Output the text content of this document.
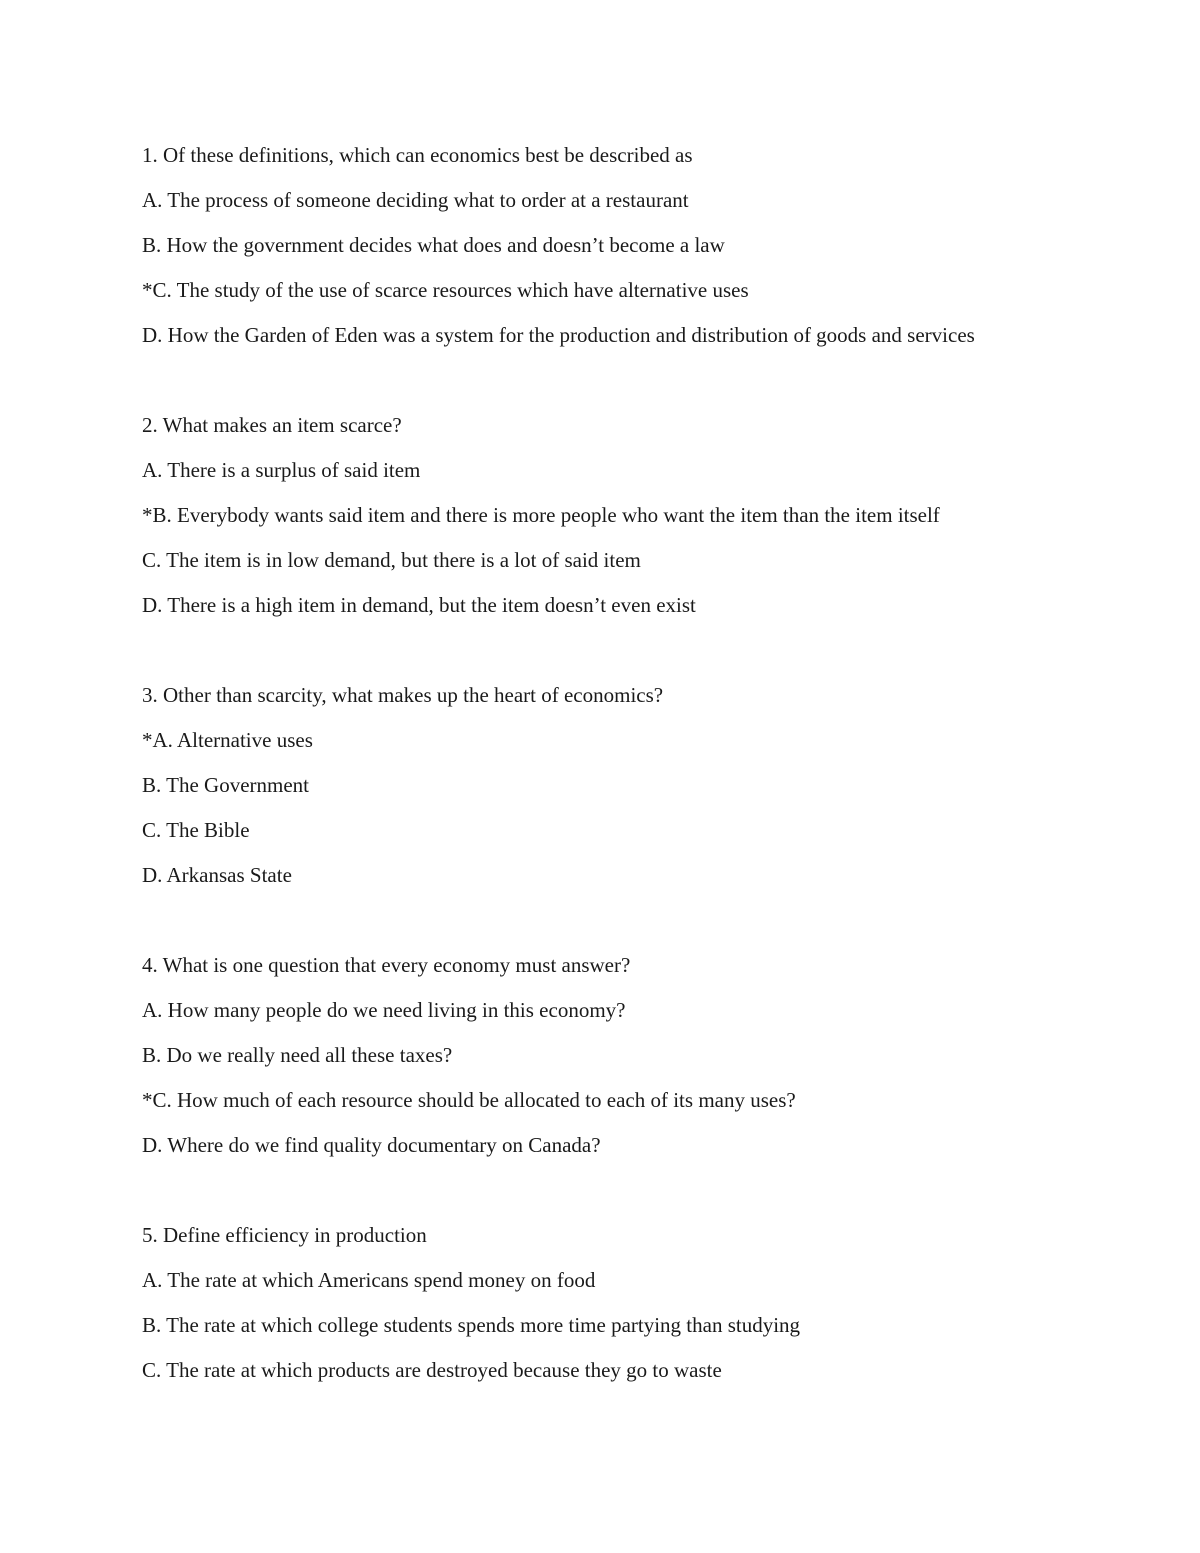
1. Of these definitions, which can economics best be described as

A. The process of someone deciding what to order at a restaurant

B. How the government decides what does and doesn’t become a law

*C. The study of the use of scarce resources which have alternative uses

D. How the Garden of Eden was a system for the production and distribution of goods and services

2. What makes an item scarce?

A. There is a surplus of said item

*B. Everybody wants said item and there is more people who want the item than the item itself

C. The item is in low demand, but there is a lot of said item

D. There is a high item in demand, but the item doesn’t even exist

3. Other than scarcity, what makes up the heart of economics?

*A. Alternative uses

B. The Government

C. The Bible

D. Arkansas State

4. What is one question that every economy must answer?

A. How many people do we need living in this economy?

B. Do we really need all these taxes?

*C. How much of each resource should be allocated to each of its many uses?

D. Where do we find quality documentary on Canada?

5. Define efficiency in production

A. The rate at which Americans spend money on food

B. The rate at which college students spends more time partying than studying

C. The rate at which products are destroyed because they go to waste
